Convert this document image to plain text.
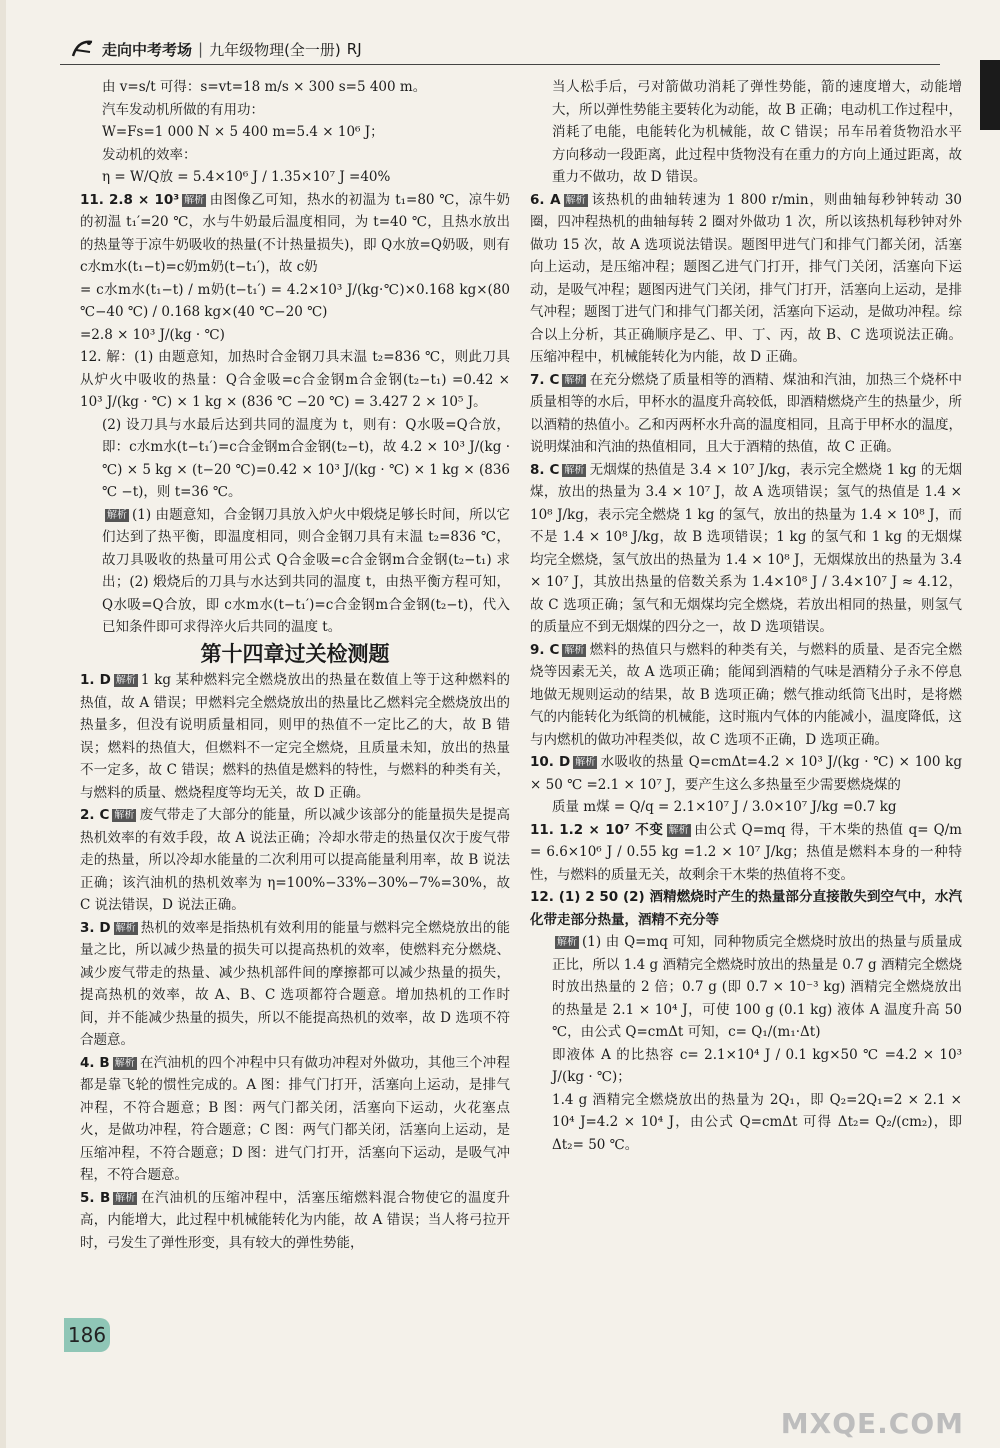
走向中考考场 | 九年级物理(全一册) RJ

由 v=s/t 可得：s=vt=18 m/s × 300 s=5 400 m。

汽车发动机所做的有用功：

W=Fs=1 000 N × 5 400 m=5.4 × 10⁶ J；

发动机的效率：

η = W/Q放 = 5.4×10⁶ J / 1.35×10⁷ J =40%

11. 2.8 × 10³ 解析 由图像乙可知，热水的初温为 t₁=80 ℃，凉牛奶的初温 t₁′=20 ℃，水与牛奶最后温度相同，为 t=40 ℃，且热水放出的热量等于凉牛奶吸收的热量(不计热量损失)，即 Q水放=Q奶吸，则有 c水m水(t₁−t)=c奶m奶(t−t₁′)，故 c奶

= c水m水(t₁−t) / m奶(t−t₁′) = 4.2×10³ J/(kg·℃)×0.168 kg×(80 ℃−40 ℃) / 0.168 kg×(40 ℃−20 ℃)

=2.8 × 10³ J/(kg · ℃)

12. 解：(1) 由题意知，加热时合金钢刀具末温 t₂=836 ℃，则此刀具从炉火中吸收的热量：Q合金吸=c合金钢m合金钢(t₂−t₁) =0.42 × 10³ J/(kg · ℃) × 1 kg × (836 ℃ −20 ℃) = 3.427 2 × 10⁵ J。

(2) 设刀具与水最后达到共同的温度为 t，则有：Q水吸=Q合放，即：c水m水(t−t₁′)=c合金钢m合金钢(t₂−t)，故 4.2 × 10³ J/(kg · ℃) × 5 kg × (t−20 ℃)=0.42 × 10³ J/(kg · ℃) × 1 kg × (836 ℃ −t)，则 t=36 ℃。

解析 (1) 由题意知，合金钢刀具放入炉火中煅烧足够长时间，所以它们达到了热平衡，即温度相同，则合金钢刀具有末温 t₂=836 ℃，故刀具吸收的热量可用公式 Q合金吸=c合金钢m合金钢(t₂−t₁) 求出；(2) 煅烧后的刀具与水达到共同的温度 t，由热平衡方程可知，Q水吸=Q合放，即 c水m水(t−t₁′)=c合金钢m合金钢(t₂−t)，代入已知条件即可求得淬火后共同的温度 t。

第十四章过关检测题

1. D 解析 1 kg 某种燃料完全燃烧放出的热量在数值上等于这种燃料的热值，故 A 错误；甲燃料完全燃烧放出的热量比乙燃料完全燃烧放出的热量多，但没有说明质量相同，则甲的热值不一定比乙的大，故 B 错误；燃料的热值大，但燃料不一定完全燃烧，且质量未知，放出的热量不一定多，故 C 错误；燃料的热值是燃料的特性，与燃料的种类有关，与燃料的质量、燃烧程度等均无关，故 D 正确。

2. C 解析 废气带走了大部分的能量，所以减少该部分的能量损失是提高热机效率的有效手段，故 A 说法正确；冷却水带走的热量仅次于废气带走的热量，所以冷却水能量的二次利用可以提高能量利用率，故 B 说法正确；该汽油机的热机效率为 η=100%−33%−30%−7%=30%，故 C 说法错误，D 说法正确。

3. D 解析 热机的效率是指热机有效利用的能量与燃料完全燃烧放出的能量之比，所以减少热量的损失可以提高热机的效率，使燃料充分燃烧、减少废气带走的热量、减少热机部件间的摩擦都可以减少热量的损失，提高热机的效率，故 A、B、C 选项都符合题意。增加热机的工作时间，并不能减少热量的损失，所以不能提高热机的效率，故 D 选项不符合题意。

4. B 解析 在汽油机的四个冲程中只有做功冲程对外做功，其他三个冲程都是靠飞轮的惯性完成的。A 图：排气门打开，活塞向上运动，是排气冲程，不符合题意；B 图：两气门都关闭，活塞向下运动，火花塞点火，是做功冲程，符合题意；C 图：两气门都关闭，活塞向上运动，是压缩冲程，不符合题意；D 图：进气门打开，活塞向下运动，是吸气冲程，不符合题意。

5. B 解析 在汽油机的压缩冲程中，活塞压缩燃料混合物使它的温度升高，内能增大，此过程中机械能转化为内能，故 A 错误；当人将弓拉开时，弓发生了弹性形变，具有较大的弹性势能，

当人松手后，弓对箭做功消耗了弹性势能，箭的速度增大，动能增大，所以弹性势能主要转化为动能，故 B 正确；电动机工作过程中，消耗了电能，电能转化为机械能，故 C 错误；吊车吊着货物沿水平方向移动一段距离，此过程中货物没有在重力的方向上通过距离，故重力不做功，故 D 错误。

6. A 解析 该热机的曲轴转速为 1 800 r/min，则曲轴每秒钟转动 30 圈，四冲程热机的曲轴每转 2 圈对外做功 1 次，所以该热机每秒钟对外做功 15 次，故 A 选项说法错误。题图甲进气门和排气门都关闭，活塞向上运动，是压缩冲程；题图乙进气门打开，排气门关闭，活塞向下运动，是吸气冲程；题图丙进气门关闭，排气门打开，活塞向上运动，是排气冲程；题图丁进气门和排气门都关闭，活塞向下运动，是做功冲程。综合以上分析，其正确顺序是乙、甲、丁、丙，故 B、C 选项说法正确。压缩冲程中，机械能转化为内能，故 D 正确。

7. C 解析 在充分燃烧了质量相等的酒精、煤油和汽油，加热三个烧杯中质量相等的水后，甲杯水的温度升高较低，即酒精燃烧产生的热量少，所以酒精的热值小。乙和丙两杯水升高的温度相同，且高于甲杯水的温度，说明煤油和汽油的热值相同，且大于酒精的热值，故 C 正确。

8. C 解析 无烟煤的热值是 3.4 × 10⁷ J/kg，表示完全燃烧 1 kg 的无烟煤，放出的热量为 3.4 × 10⁷ J，故 A 选项错误；氢气的热值是 1.4 × 10⁸ J/kg，表示完全燃烧 1 kg 的氢气，放出的热量为 1.4 × 10⁸ J，而不是 1.4 × 10⁸ J/kg，故 B 选项错误；1 kg 的氢气和 1 kg 的无烟煤均完全燃烧，氢气放出的热量为 1.4 × 10⁸ J，无烟煤放出的热量为 3.4 × 10⁷ J，其放出热量的倍数关系为 1.4×10⁸ J / 3.4×10⁷ J ≈ 4.12，故 C 选项正确；氢气和无烟煤均完全燃烧，若放出相同的热量，则氢气的质量应不到无烟煤的四分之一，故 D 选项错误。

9. C 解析 燃料的热值只与燃料的种类有关，与燃料的质量、是否完全燃烧等因素无关，故 A 选项正确；能闻到酒精的气味是酒精分子永不停息地做无规则运动的结果，故 B 选项正确；燃气推动纸筒飞出时，是将燃气的内能转化为纸筒的机械能，这时瓶内气体的内能减小，温度降低，这与内燃机的做功冲程类似，故 C 选项不正确，D 选项正确。

10. D 解析 水吸收的热量 Q=cmΔt=4.2 × 10³ J/(kg · ℃) × 100 kg × 50 ℃ =2.1 × 10⁷ J，要产生这么多热量至少需要燃烧煤的

质量 m煤 = Q/q = 2.1×10⁷ J / 3.0×10⁷ J/kg =0.7 kg

11. 1.2 × 10⁷ 不变 解析 由公式 Q=mq 得，干木柴的热值 q= Q/m = 6.6×10⁶ J / 0.55 kg =1.2 × 10⁷ J/kg；热值是燃料本身的一种特性，与燃料的质量无关，故剩余干木柴的热值将不变。

12. (1) 2 50 (2) 酒精燃烧时产生的热量部分直接散失到空气中，水汽化带走部分热量，酒精不充分等

解析 (1) 由 Q=mq 可知，同种物质完全燃烧时放出的热量与质量成正比，所以 1.4 g 酒精完全燃烧时放出的热量是 0.7 g 酒精完全燃烧时放出热量的 2 倍；0.7 g (即 0.7 × 10⁻³ kg) 酒精完全燃烧放出的热量是 2.1 × 10⁴ J，可使 100 g (0.1 kg) 液体 A 温度升高 50 ℃，由公式 Q=cmΔt 可知，c= Q₁/(m₁·Δt)

即液体 A 的比热容 c= 2.1×10⁴ J / 0.1 kg×50 ℃ =4.2 × 10³ J/(kg · ℃)；

1.4 g 酒精完全燃烧放出的热量为 2Q₁，即 Q₂=2Q₁=2 × 2.1 × 10⁴ J=4.2 × 10⁴ J，由公式 Q=cmΔt 可得 Δt₂= Q₂/(cm₂)，即 Δt₂= 50 ℃。

186
MXQE.COM
